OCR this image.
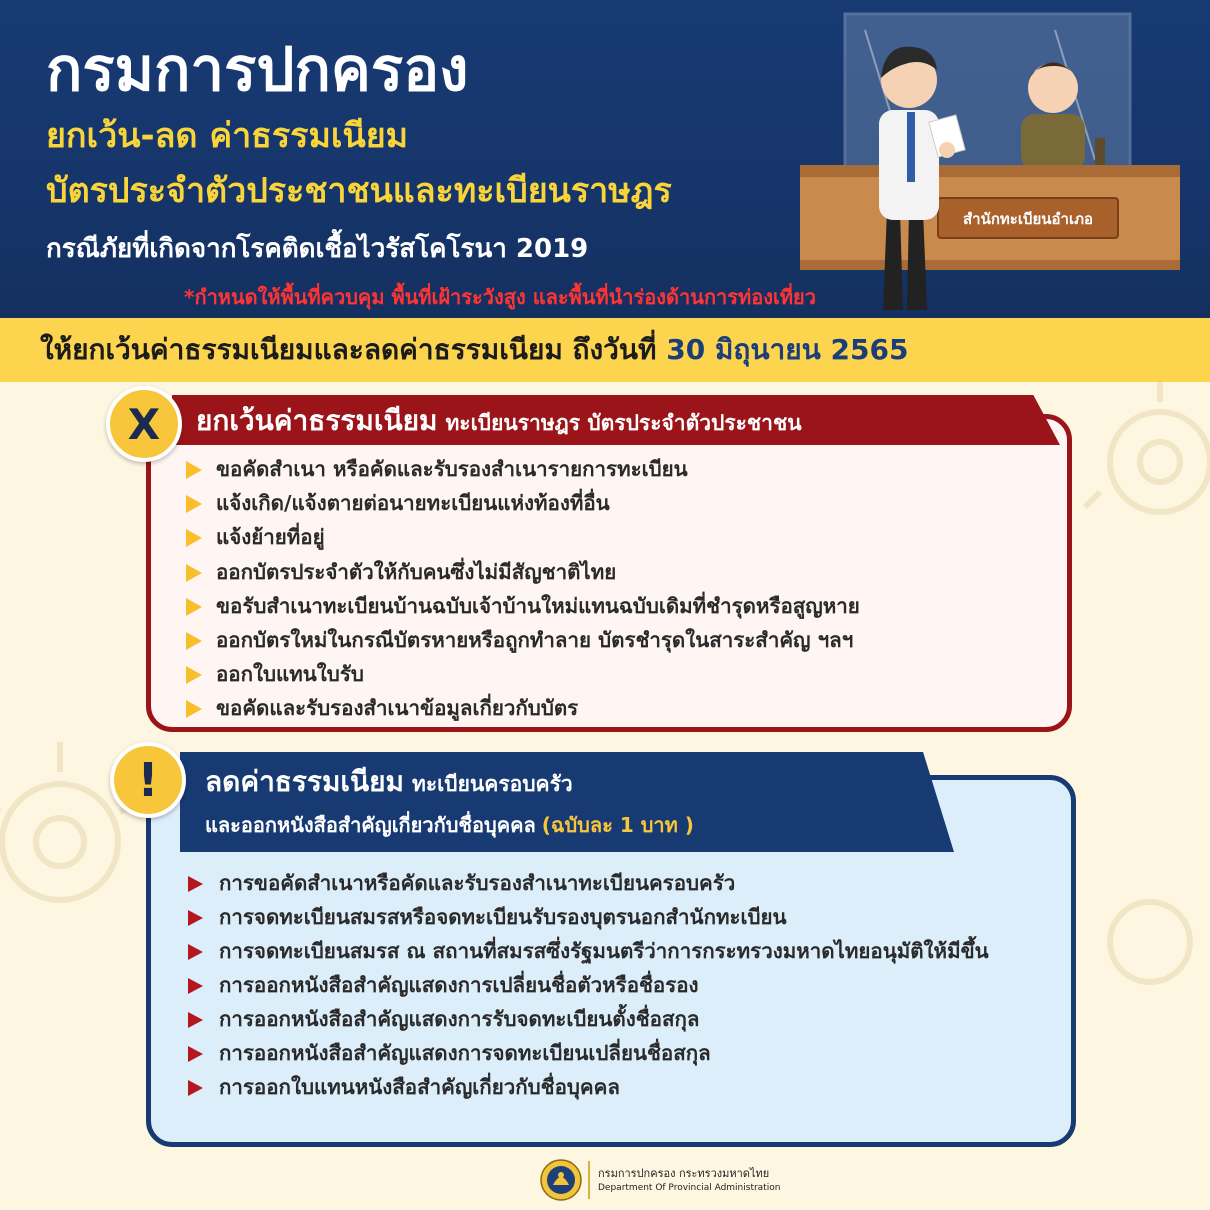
กรมการปกครอง
ยกเว้น-ลด ค่าธรรมเนียม
บัตรประจำตัวประชาชนและทะเบียนราษฎร
กรณีภัยที่เกิดจากโรคติดเชื้อไวรัสโคโรนา 2019
*กำหนดให้พื้นที่ควบคุม พื้นที่เฝ้าระวังสูง และพื้นที่นำร่องด้านการท่องเที่ยว
สำนักทะเบียนอำเภอ
ให้ยกเว้นค่าธรรมเนียมและลดค่าธรรมเนียม ถึงวันที่ 30 มิถุนายน 2565
ยกเว้นค่าธรรมเนียม ทะเบียนราษฎร บัตรประจำตัวประชาชน
X
ขอคัดสำเนา หรือคัดและรับรองสำเนารายการทะเบียน
แจ้งเกิด/แจ้งตายต่อนายทะเบียนแห่งท้องที่อื่น
แจ้งย้ายที่อยู่
ออกบัตรประจำตัวให้กับคนซึ่งไม่มีสัญชาติไทย
ขอรับสำเนาทะเบียนบ้านฉบับเจ้าบ้านใหม่แทนฉบับเดิมที่ชำรุดหรือสูญหาย
ออกบัตรใหม่ในกรณีบัตรหายหรือถูกทำลาย บัตรชำรุดในสาระสำคัญ ฯลฯ
ออกใบแทนใบรับ
ขอคัดและรับรองสำเนาข้อมูลเกี่ยวกับบัตร
ลดค่าธรรมเนียม ทะเบียนครอบครัว
และออกหนังสือสำคัญเกี่ยวกับชื่อบุคคล (ฉบับละ 1 บาท )
!
การขอคัดสำเนาหรือคัดและรับรองสำเนาทะเบียนครอบครัว
การจดทะเบียนสมรสหรือจดทะเบียนรับรองบุตรนอกสำนักทะเบียน
การจดทะเบียนสมรส ณ สถานที่สมรสซึ่งรัฐมนตรีว่าการกระทรวงมหาดไทยอนุมัติให้มีขึ้น
การออกหนังสือสำคัญแสดงการเปลี่ยนชื่อตัวหรือชื่อรอง
การออกหนังสือสำคัญแสดงการรับจดทะเบียนตั้งชื่อสกุล
การออกหนังสือสำคัญแสดงการจดทะเบียนเปลี่ยนชื่อสกุล
การออกใบแทนหนังสือสำคัญเกี่ยวกับชื่อบุคคล
กรมการปกครอง กระทรวงมหาดไทย
Department Of Provincial Administration
